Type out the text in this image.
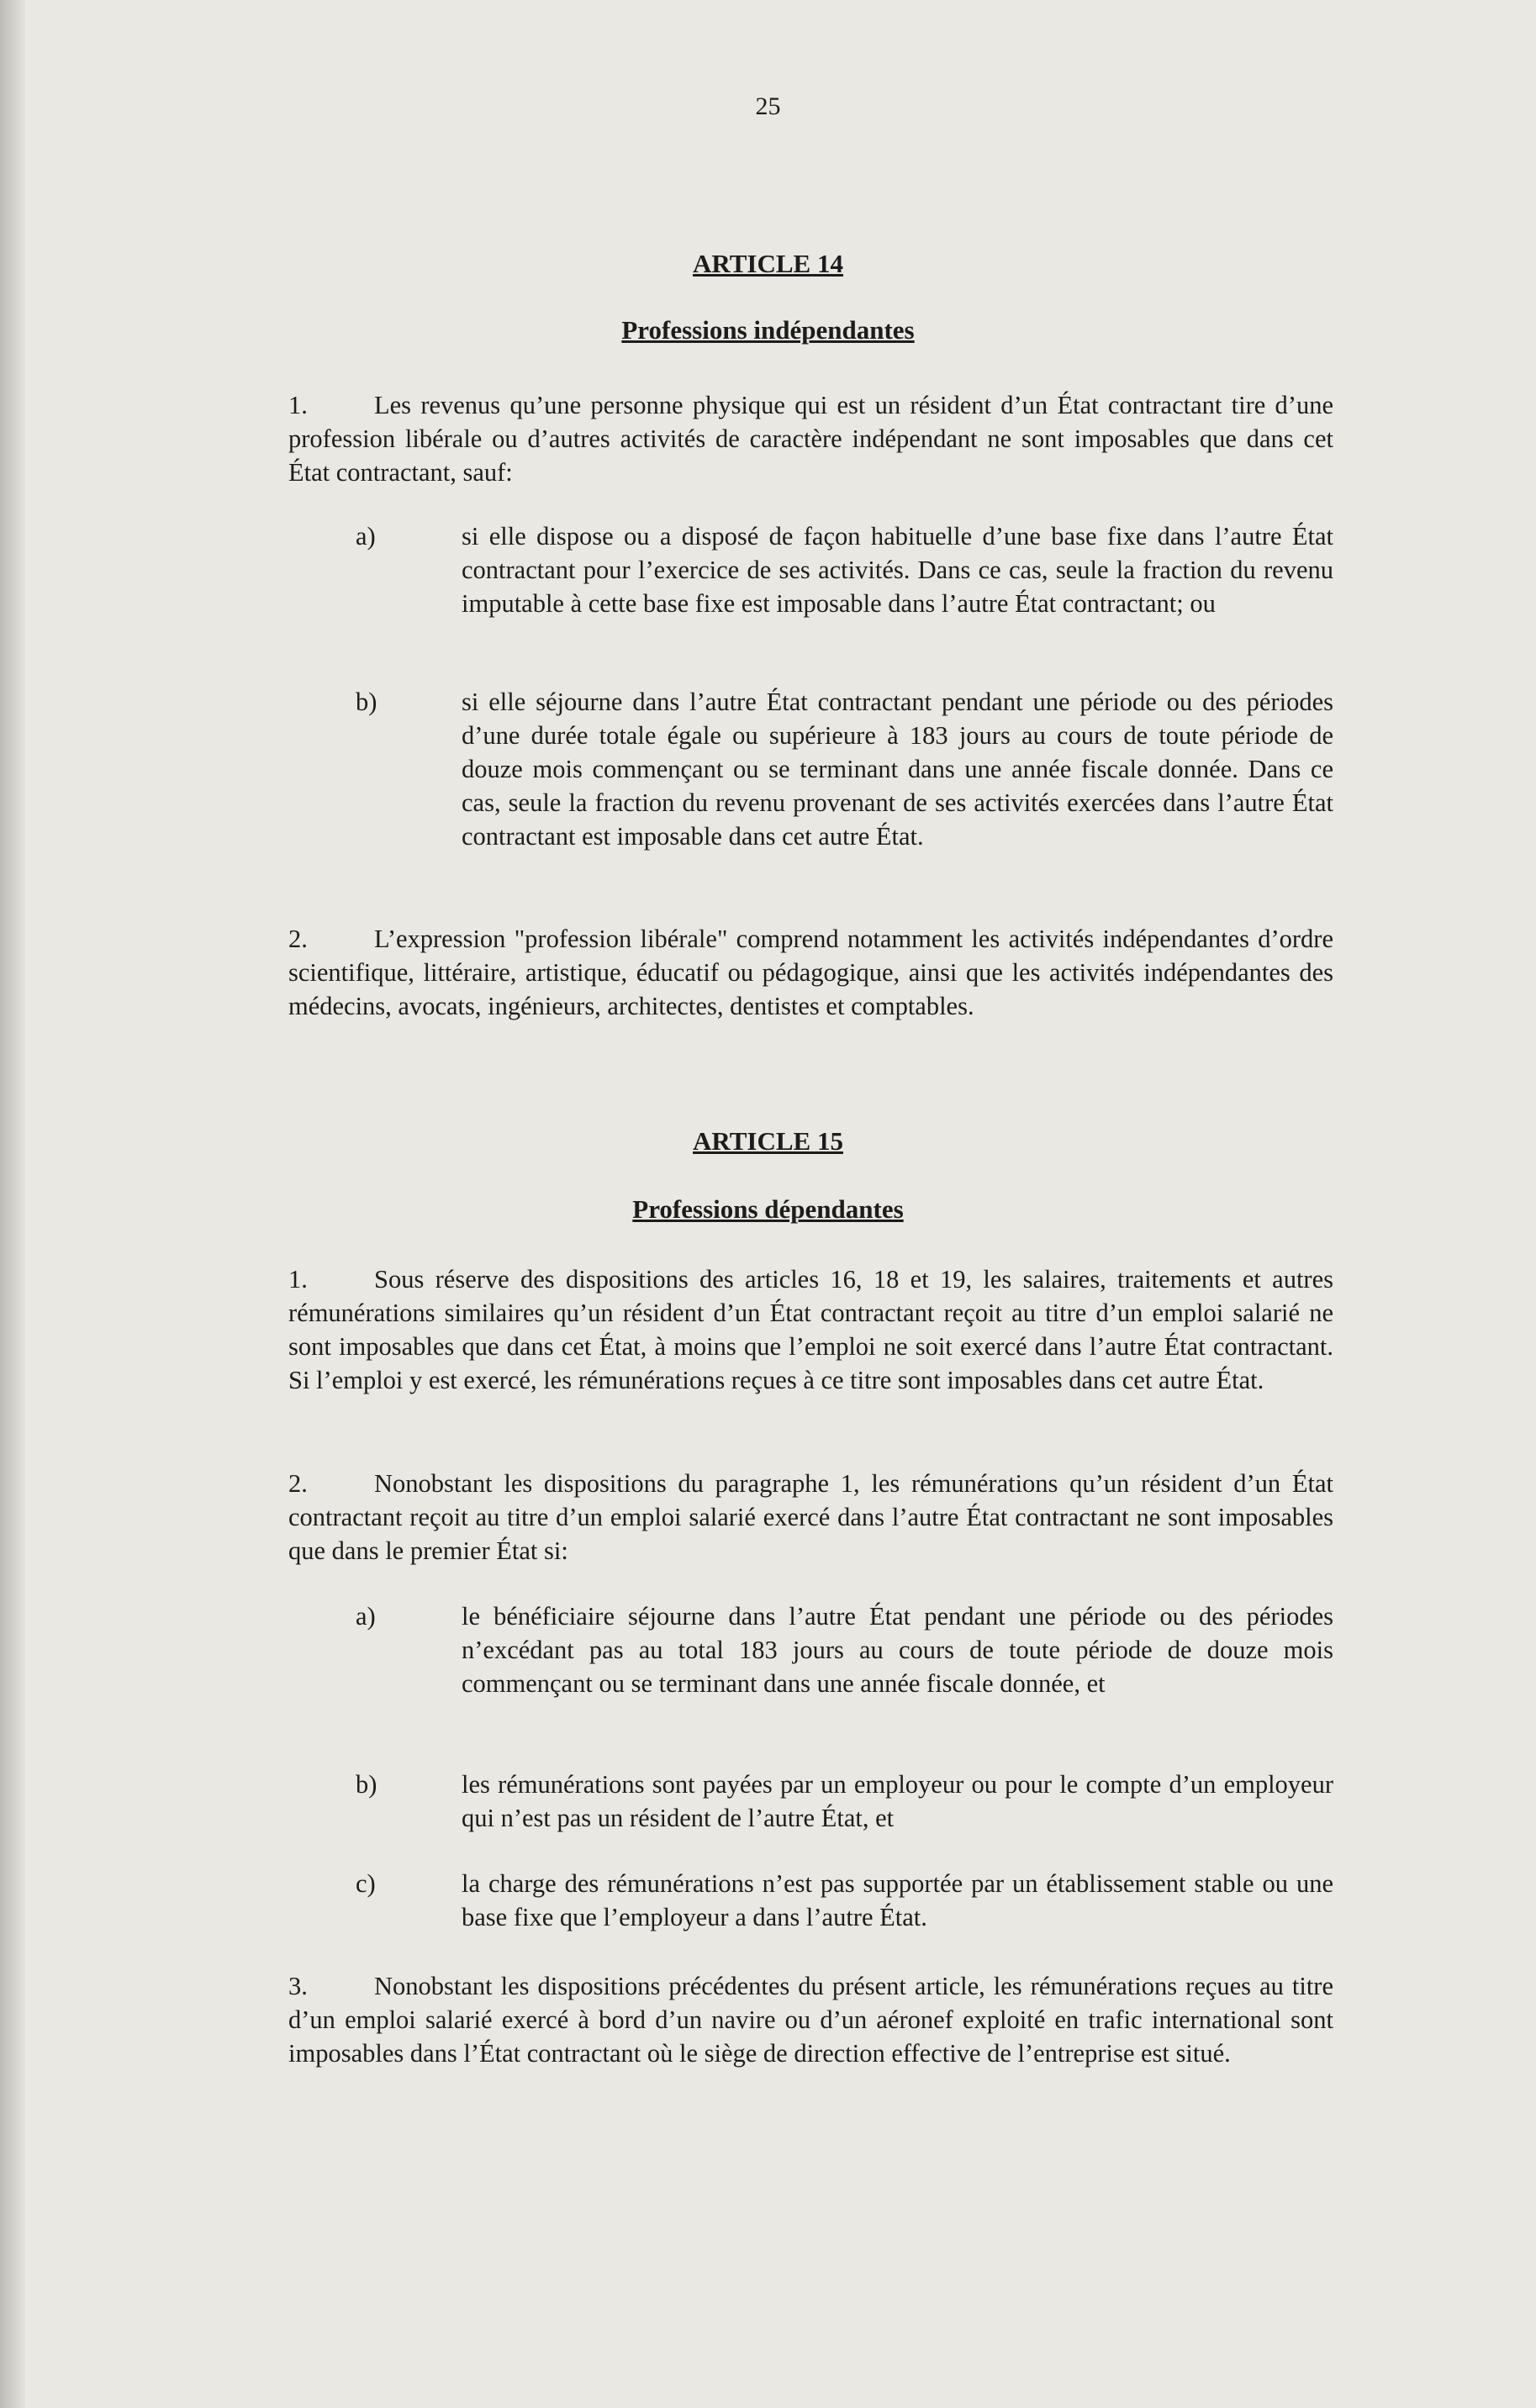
25
ARTICLE 14
Professions indépendantes
1.	Les revenus qu’une personne physique qui est un résident d’un État contractant tire d’une profession libérale ou d’autres activités de caractère indépendant ne sont imposables que dans cet État contractant, sauf:
a)	si elle dispose ou a disposé de façon habituelle d’une base fixe dans l’autre État contractant pour l’exercice de ses activités. Dans ce cas, seule la fraction du revenu imputable à cette base fixe est imposable dans l’autre État contractant; ou
b)	si elle séjourne dans l’autre État contractant pendant une période ou des périodes d’une durée totale égale ou supérieure à 183 jours au cours de toute période de douze mois commençant ou se terminant dans une année fiscale donnée. Dans ce cas, seule la fraction du revenu provenant de ses activités exercées dans l’autre État contractant est imposable dans cet autre État.
2.	L’expression "profession libérale" comprend notamment les activités indépendantes d’ordre scientifique, littéraire, artistique, éducatif ou pédagogique, ainsi que les activités indépendantes des médecins, avocats, ingénieurs, architectes, dentistes et comptables.
ARTICLE 15
Professions dépendantes
1.	Sous réserve des dispositions des articles 16, 18 et 19, les salaires, traitements et autres rémunérations similaires qu’un résident d’un État contractant reçoit au titre d’un emploi salarié ne sont imposables que dans cet État, à moins que l’emploi ne soit exercé dans l’autre État contractant. Si l’emploi y est exercé, les rémunérations reçues à ce titre sont imposables dans cet autre État.
2.	Nonobstant les dispositions du paragraphe 1, les rémunérations qu’un résident d’un État contractant reçoit au titre d’un emploi salarié exercé dans l’autre État contractant ne sont imposables que dans le premier État si:
a)	le bénéficiaire séjourne dans l’autre État pendant une période ou des périodes n’excédant pas au total 183 jours au cours de toute période de douze mois commençant ou se terminant dans une année fiscale donnée, et
b)	les rémunérations sont payées par un employeur ou pour le compte d’un employeur qui n’est pas un résident de l’autre État, et
c)	la charge des rémunérations n’est pas supportée par un établissement stable ou une base fixe que l’employeur a dans l’autre État.
3.	Nonobstant les dispositions précédentes du présent article, les rémunérations reçues au titre d’un emploi salarié exercé à bord d’un navire ou d’un aéronef exploité en trafic international sont imposables dans l’État contractant où le siège de direction effective de l’entreprise est situé.
